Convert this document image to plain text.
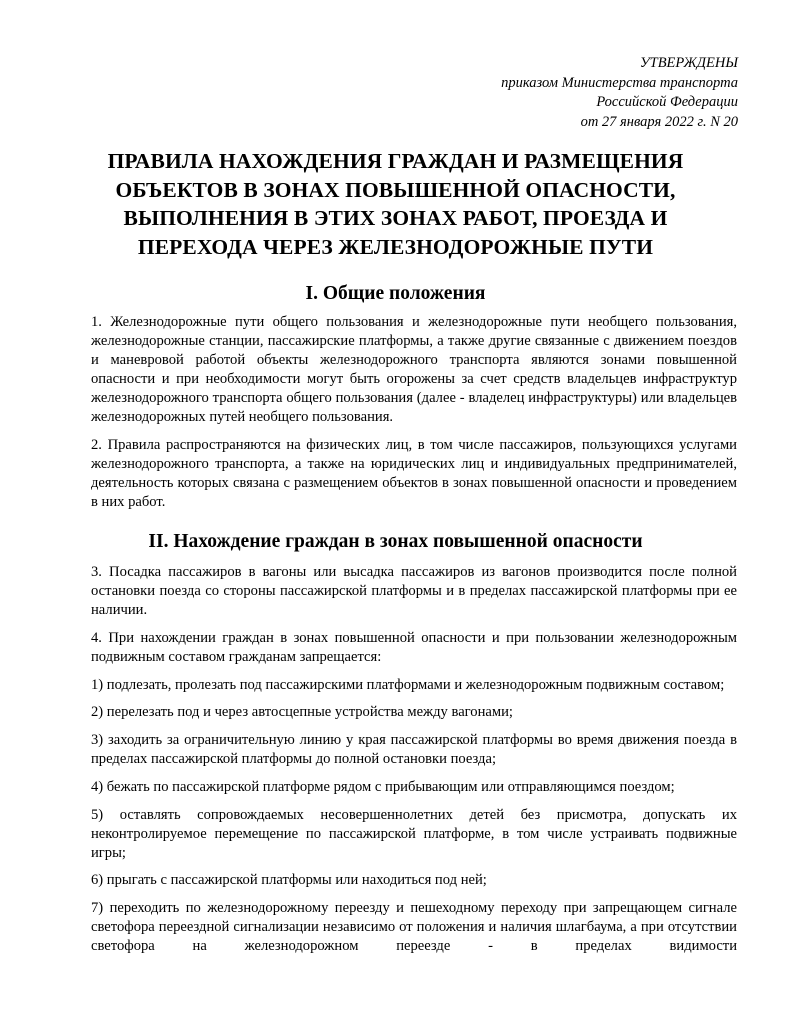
УТВЕРЖДЕНЫ
приказом Министерства транспорта
Российской Федерации
от 27 января 2022 г. N 20
ПРАВИЛА НАХОЖДЕНИЯ ГРАЖДАН И РАЗМЕЩЕНИЯ
ОБЪЕКТОВ В ЗОНАХ ПОВЫШЕННОЙ ОПАСНОСТИ,
ВЫПОЛНЕНИЯ В ЭТИХ ЗОНАХ РАБОТ, ПРОЕЗДА И
ПЕРЕХОДА ЧЕРЕЗ ЖЕЛЕЗНОДОРОЖНЫЕ ПУТИ
I. Общие положения

1. Железнодорожные пути общего пользования и железнодорожные пути необщего пользования, железнодорожные станции, пассажирские платформы, а также другие связанные с движением поездов и маневровой работой объекты железнодорожного транспорта являются зонами повышенной опасности и при необходимости могут быть огорожены за счет средств владельцев инфраструктур железнодорожного транспорта общего пользования (далее - владелец инфраструктуры) или владельцев железнодорожных путей необщего пользования.

2. Правила распространяются на физических лиц, в том числе пассажиров, пользующихся услугами железнодорожного транспорта, а также на юридических лиц и индивидуальных предпринимателей, деятельность которых связана с размещением объектов в зонах повышенной опасности и проведением в них работ.

II. Нахождение граждан в зонах повышенной опасности

3. Посадка пассажиров в вагоны или высадка пассажиров из вагонов производится после полной остановки поезда со стороны пассажирской платформы и в пределах пассажирской платформы при ее наличии.

4. При нахождении граждан в зонах повышенной опасности и при пользовании железнодорожным подвижным составом гражданам запрещается:

1) подлезать, пролезать под пассажирскими платформами и железнодорожным подвижным составом;

2) перелезать под и через автосцепные устройства между вагонами;

3) заходить за ограничительную линию у края пассажирской платформы во время движения поезда в пределах пассажирской платформы до полной остановки поезда;

4) бежать по пассажирской платформе рядом с прибывающим или отправляющимся поездом;

5) оставлять сопровождаемых несовершеннолетних детей без присмотра, допускать их неконтролируемое перемещение по пассажирской платформе, в том числе устраивать подвижные игры;

6) прыгать с пассажирской платформы или находиться под ней;

7) переходить по железнодорожному переезду и пешеходному переходу при запрещающем сигнале светофора переездной сигнализации независимо от положения и наличия шлагбаума, а при отсутствии светофора на железнодорожном переезде - в пределах видимости
